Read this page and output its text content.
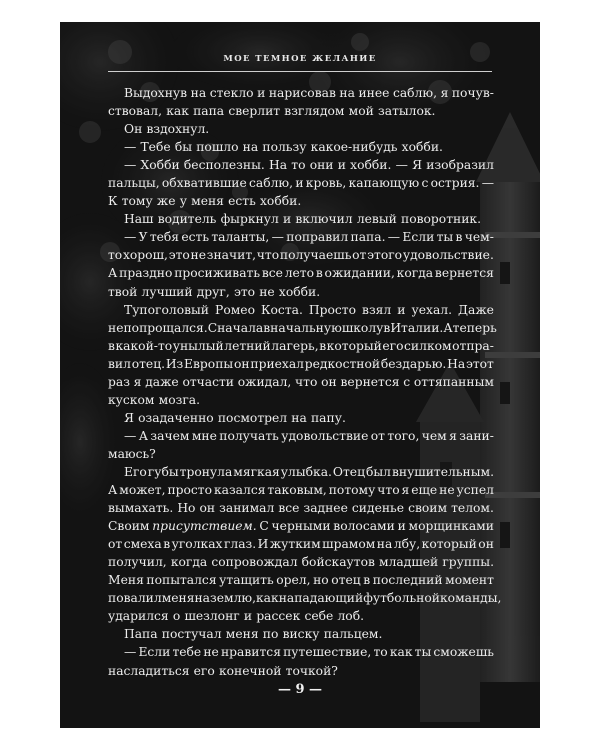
МОЕ ТЕМНОЕ ЖЕЛАНИЕ
Выдохнув на стекло и нарисовав на инее саблю, я почув-
ствовал, как папа сверлит взглядом мой затылок.
Он вздохнул.
— Тебе бы пошло на пользу какое-нибудь хобби.
— Хобби бесполезны. На то они и хобби. — Я изобразил
пальцы, обхватившие саблю, и кровь, капающую с острия. —
К тому же у меня есть хобби.
Наш водитель фыркнул и включил левый поворотник.
— У тебя есть таланты, — поправил папа. — Если ты в чем-
то хорош, это не значит, что получаешь от этого удовольствие.
А праздно просиживать все лето в ожидании, когда вернется
твой лучший друг, это не хобби.
Тупоголовый Ромео Коста. Просто взял и уехал. Даже
не попрощался. Сначала в начальную школу в Италии. А теперь
в какой-то унылый летний лагерь, в который его силком отпра-
вил отец. Из Европы он приехал редкостной бездарью. На этот
раз я даже отчасти ожидал, что он вернется с оттяпанным
куском мозга.
Я озадаченно посмотрел на папу.
— А зачем мне получать удовольствие от того, чем я зани-
маюсь?
Его губы тронула мягкая улыбка. Отец был внушительным.
А может, просто казался таковым, потому что я еще не успел
вымахать. Но он занимал все заднее сиденье своим телом.
Своим присутствием. С черными волосами и морщинками
от смеха в уголках глаз. И жутким шрамом на лбу, который он
получил, когда сопровождал бойскаутов младшей группы.
Меня попытался утащить орел, но отец в последний момент
повалил меня на землю, как нападающий футбольной команды,
ударился о шезлонг и рассек себе лоб.
Папа постучал меня по виску пальцем.
— Если тебе не нравится путешествие, то как ты сможешь
насладиться его конечной точкой?
— 9 —
